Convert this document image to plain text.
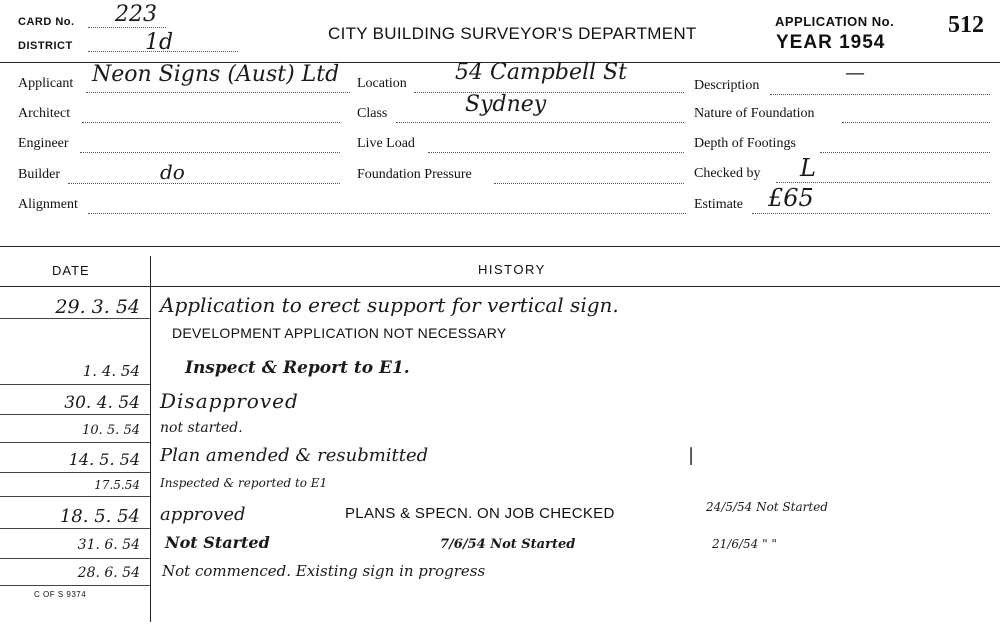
CARD No. 223
DISTRICT	1d	CITY BUILDING SURVEYOR'S DEPARTMENT
APPLICATION No. 512
YEAR 1954
Applicant Neon Signs (Aust) Ltd
Architect
Engineer
Builder	do
Alignment
Location 54 Campbell St
Class	Sydney
Live Load
Foundation Pressure
Description
—
Nature of Foundation
Depth of Footings
Checked by L
Estimate £65
DATE	HISTORY
29. 3. 54 Application to erect support for vertical sign.
DEVELOPMENT APPLICATION NOT NECESSARY
1. 4. 54	Inspect & Report to E1.
30. 4. 54 Disapproved
10. 5. 54 not started.
14. 5. 54 Plan amended & resubmitted	|
17.5.54 Inspected & reported to E1
18. 5. 54 approved	PLANS & SPECN. ON JOB CHECKED	24/5/54 Not Started
31. 6. 54 Not Started	7/6/54 Not Started	21/6/54 " "
28. 6. 54 Not commenced. Existing sign in progress
C OF S 9374
